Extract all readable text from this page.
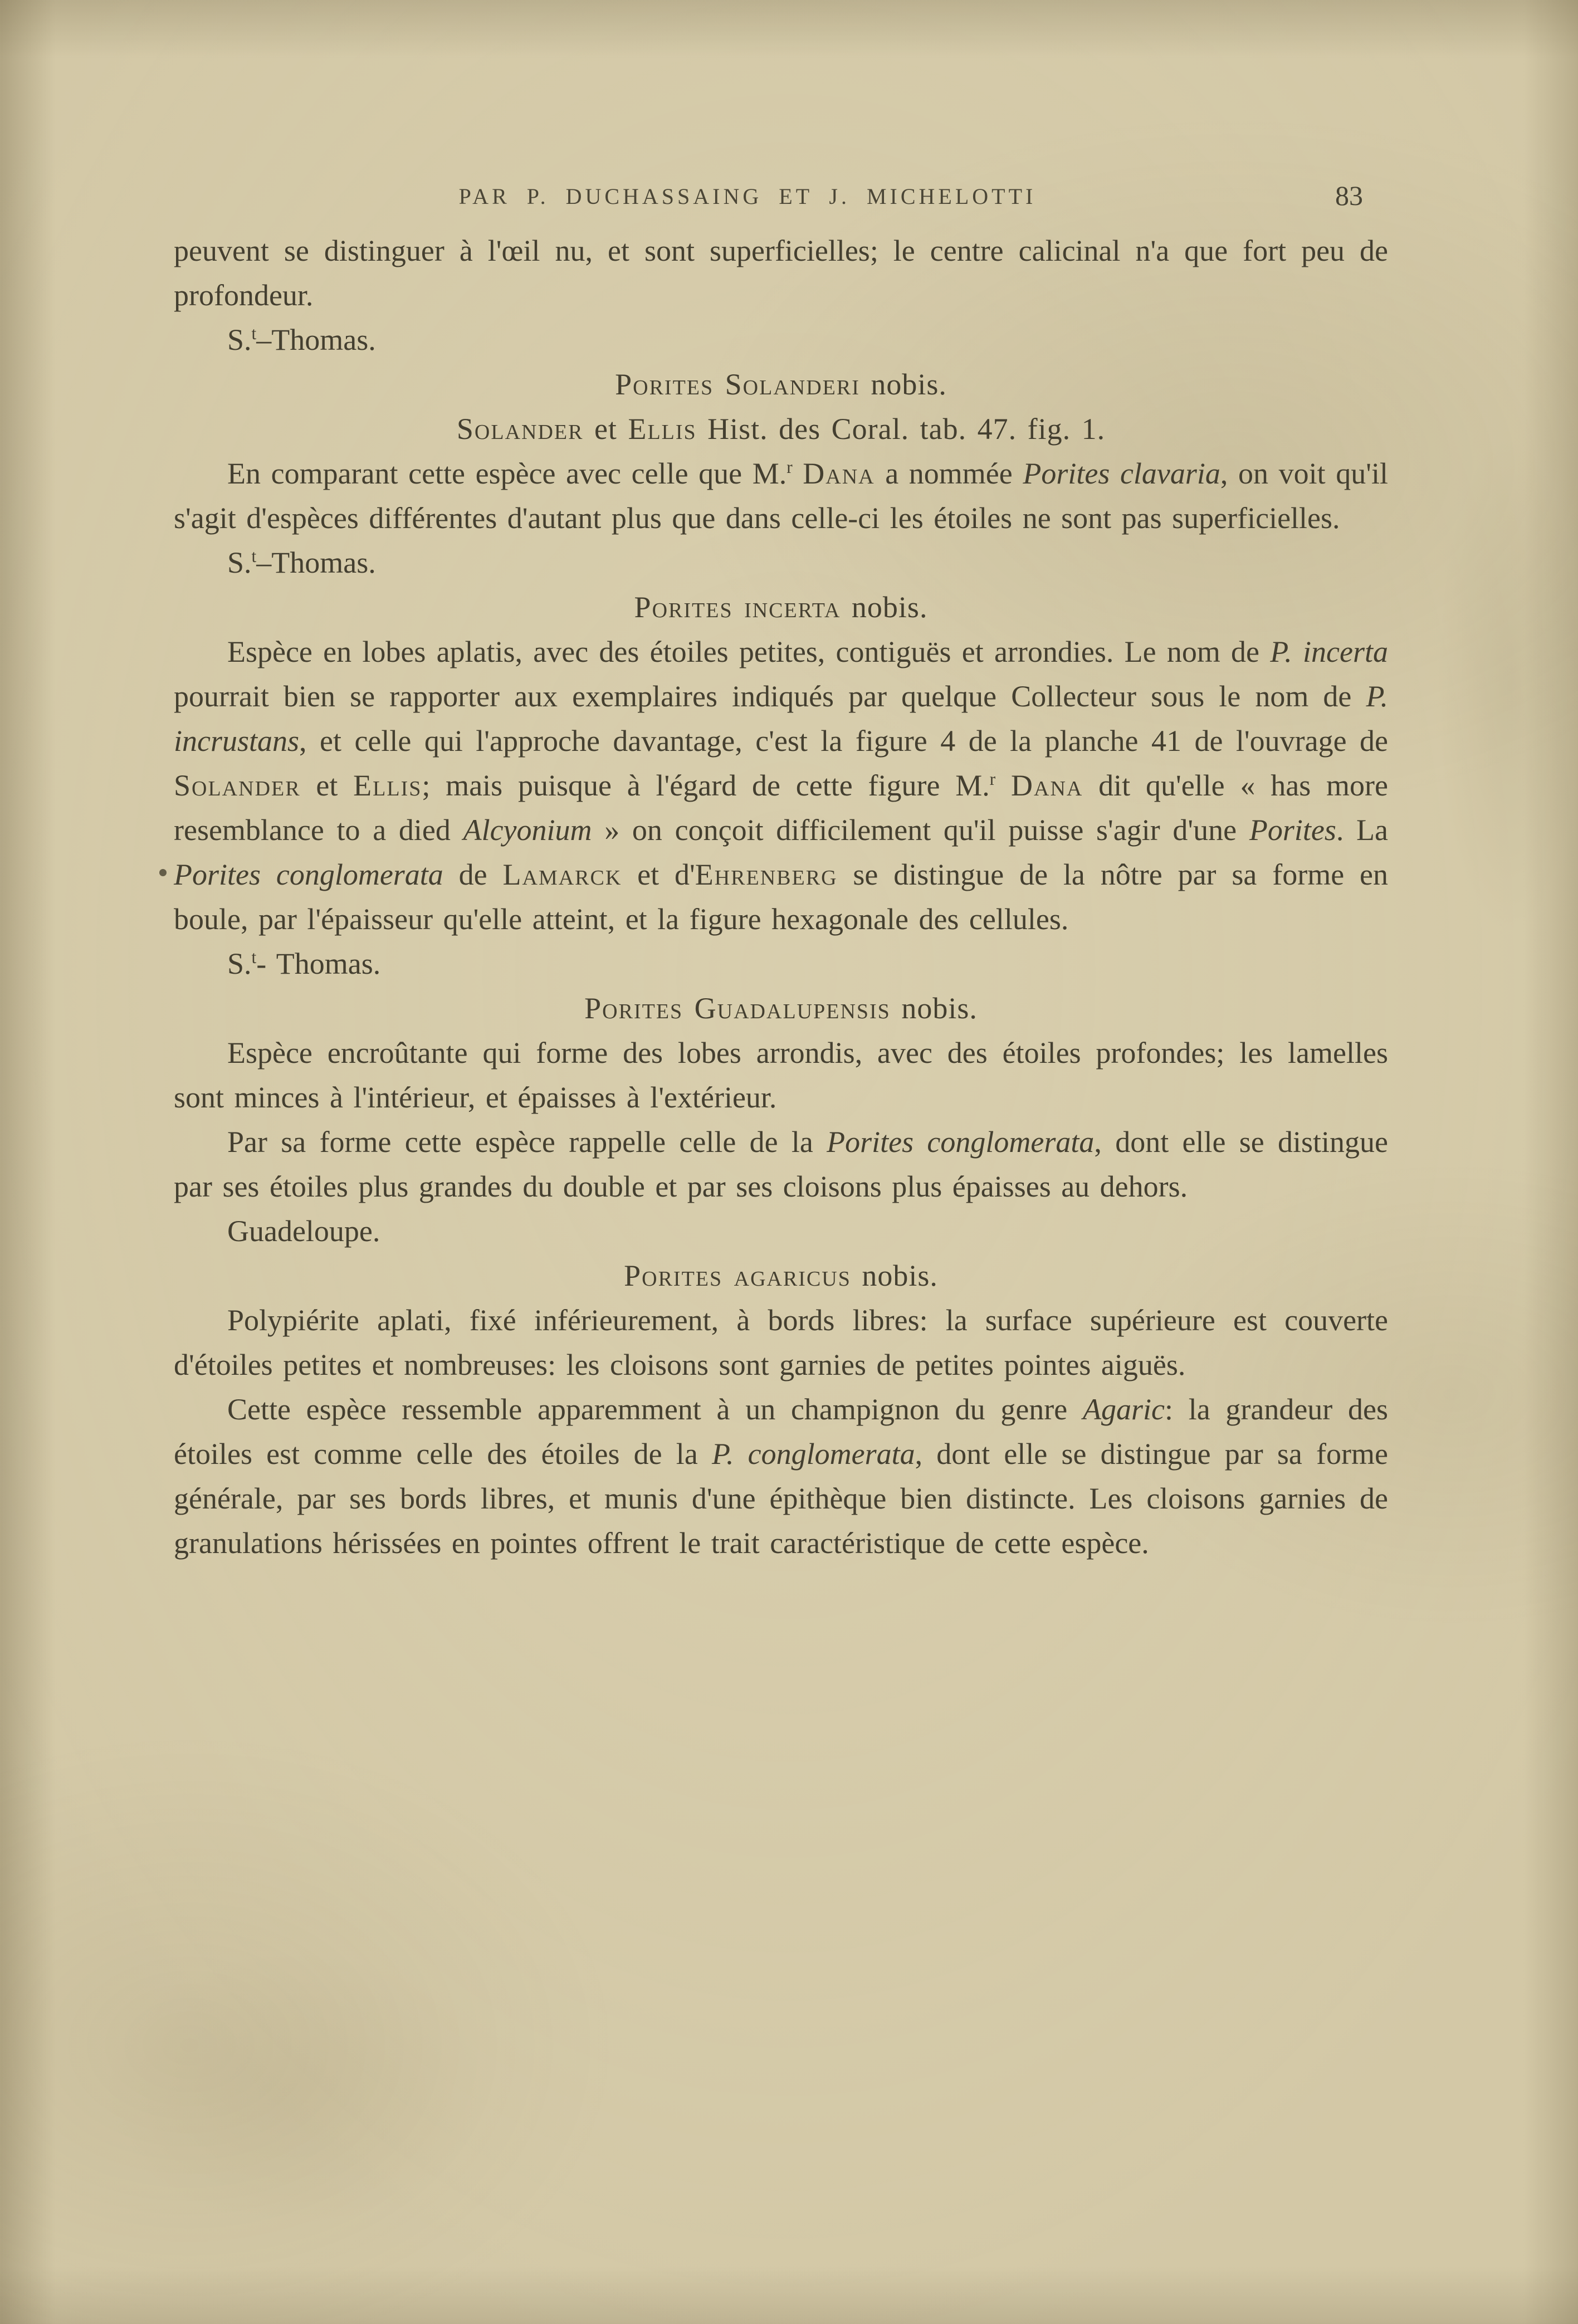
PAR P. DUCHASSAING ET J. MICHELOTTI	83
peuvent se distinguer à l'œil nu, et sont superficielles; le centre calicinal n'a que fort peu de profondeur.
S.$^t$–Thomas.
Porites Solanderi nobis.
Solander et Ellis Hist. des Coral. tab. 47. fig. 1.
En comparant cette espèce avec celle que M.$^r$ Dana a nommée Porites clavaria, on voit qu'il s'agit d'espèces différentes d'autant plus que dans celle-ci les étoiles ne sont pas superficielles.
S.$^t$–Thomas.
Porites incerta nobis.
Espèce en lobes aplatis, avec des étoiles petites, contiguës et arrondies. Le nom de P. incerta pourrait bien se rapporter aux exemplaires indiqués par quelque Collecteur sous le nom de P. incrustans, et celle qui l'approche davantage, c'est la figure 4 de la planche 41 de l'ouvrage de Solander et Ellis; mais puisque à l'égard de cette figure M.$^r$ Dana dit qu'elle « has more resemblance to a died Alcyonium » on conçoit difficilement qu'il puisse s'agir d'une Porites. La Porites conglomerata de Lamarck et d'Ehrenberg se distingue de la nôtre par sa forme en boule, par l'épaisseur qu'elle atteint, et la figure hexagonale des cellules.
S.$^t$- Thomas.
Porites Guadalupensis nobis.
Espèce encroûtante qui forme des lobes arrondis, avec des étoiles profondes; les lamelles sont minces à l'intérieur, et épaisses à l'extérieur.
Par sa forme cette espèce rappelle celle de la Porites conglomerata, dont elle se distingue par ses étoiles plus grandes du double et par ses cloisons plus épaisses au dehors.
Guadeloupe.
Porites agaricus nobis.
Polypiérite aplati, fixé inférieurement, à bords libres: la surface supérieure est couverte d'étoiles petites et nombreuses: les cloisons sont garnies de petites pointes aiguës.
Cette espèce ressemble apparemment à un champignon du genre Agaric: la grandeur des étoiles est comme celle des étoiles de la P. conglomerata, dont elle se distingue par sa forme générale, par ses bords libres, et munis d'une épithèque bien distincte. Les cloisons garnies de granulations hérissées en pointes offrent le trait caractéristique de cette espèce.
